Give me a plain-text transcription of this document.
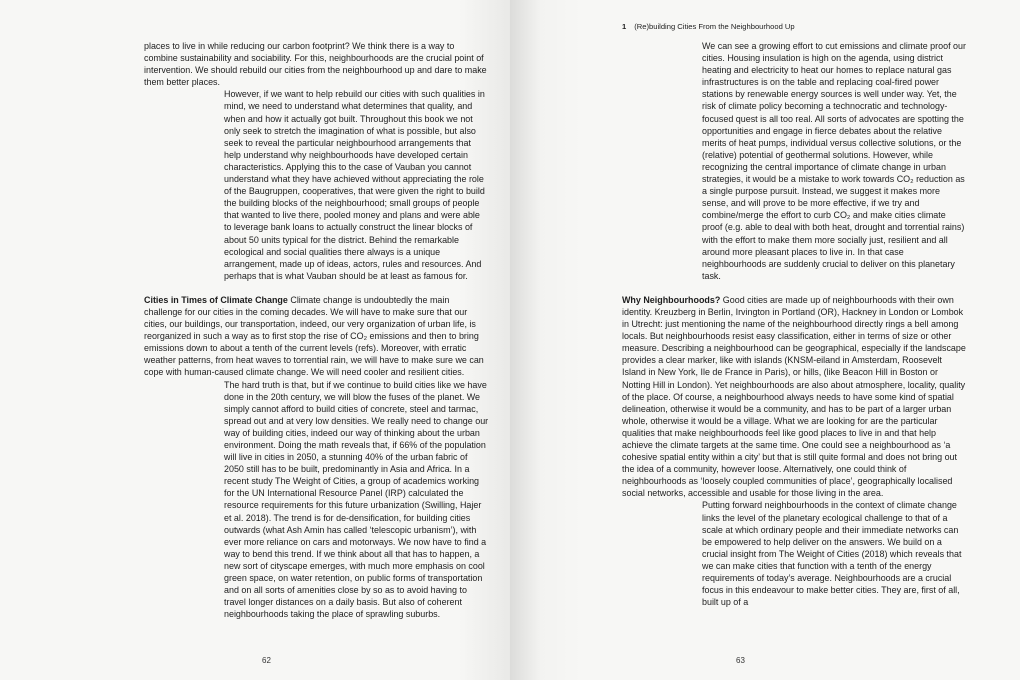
places to live in while reducing our carbon footprint? We think there is a way to combine sustainability and sociability. For this, neighbourhoods are the crucial point of intervention. We should rebuild our cities from the neighbourhood up and dare to make them better places.

However, if we want to help rebuild our cities with such qualities in mind, we need to understand what determines that quality, and when and how it actually got built. Throughout this book we not only seek to stretch the imagination of what is possible, but also seek to reveal the particular neighbourhood arrangements that help understand why neighbourhoods have developed certain characteristics. Applying this to the case of Vauban you cannot understand what they have achieved without appreciating the role of the Baugruppen, cooperatives, that were given the right to build the building blocks of the neighbourhood; small groups of people that wanted to live there, pooled money and plans and were able to leverage bank loans to actually construct the linear blocks of about 50 units typical for the district. Behind the remarkable ecological and social qualities there always is a unique arrangement, made up of ideas, actors, rules and resources. And perhaps that is what Vauban should be at least as famous for.

Cities in Times of Climate Change Climate change is undoubtedly the main challenge for our cities in the coming decades. We will have to make sure that our cities, our buildings, our transportation, indeed, our very organization of urban life, is reorganized in such a way as to first stop the rise of CO₂ emissions and then to bring emissions down to about a tenth of the current levels (refs). Moreover, with erratic weather patterns, from heat waves to torrential rain, we will have to make sure we can cope with human-caused climate change. We will need cooler and resilient cities.

The hard truth is that, but if we continue to build cities like we have done in the 20th century, we will blow the fuses of the planet. We simply cannot afford to build cities of concrete, steel and tarmac, spread out and at very low densities. We really need to change our way of building cities, indeed our way of thinking about the urban environment. Doing the math reveals that, if 66% of the population will live in cities in 2050, a stunning 40% of the urban fabric of 2050 still has to be built, predominantly in Asia and Africa. In a recent study The Weight of Cities, a group of academics working for the UN International Resource Panel (IRP) calculated the resource requirements for this future urbanization (Swilling, Hajer et al. 2018). The trend is for de-densification, for building cities outwards (what Ash Amin has called ‘telescopic urbanism’), with ever more reliance on cars and motorways. We now have to find a way to bend this trend. If we think about all that has to happen, a new sort of cityscape emerges, with much more emphasis on cool green space, on water retention, on public forms of transportation and on all sorts of amenities close by so as to avoid having to travel longer distances on a daily basis. But also of coherent neighbourhoods taking the place of sprawling suburbs.

62
1 (Re)building Cities From the Neighbourhood Up

We can see a growing effort to cut emissions and climate proof our cities. Housing insulation is high on the agenda, using district heating and electricity to heat our homes to replace natural gas infrastructures is on the table and replacing coal-fired power stations by renewable energy sources is well under way. Yet, the risk of climate policy becoming a technocratic and technology-focused quest is all too real. All sorts of advocates are spotting the opportunities and engage in fierce debates about the relative merits of heat pumps, individual versus collective solutions, or the (relative) potential of geothermal solutions. However, while recognizing the central importance of climate change in urban strategies, it would be a mistake to work towards CO₂ reduction as a single purpose pursuit. Instead, we suggest it makes more sense, and will prove to be more effective, if we try and combine/merge the effort to curb CO₂ and make cities climate proof (e.g. able to deal with both heat, drought and torrential rains) with the effort to make them more socially just, resilient and all around more pleasant places to live in. In that case neighbourhoods are suddenly crucial to deliver on this planetary task.

Why Neighbourhoods? Good cities are made up of neighbourhoods with their own identity. Kreuzberg in Berlin, Irvington in Portland (OR), Hackney in London or Lombok in Utrecht: just mentioning the name of the neighbourhood directly rings a bell among locals. But neighbourhoods resist easy classification, either in terms of size or other measure. Describing a neighbourhood can be geographical, especially if the landscape provides a clear marker, like with islands (KNSM-eiland in Amsterdam, Roosevelt Island in New York, Ile de France in Paris), or hills, (like Beacon Hill in Boston or Notting Hill in London). Yet neighbourhoods are also about atmosphere, locality, quality of the place. Of course, a neighbourhood always needs to have some kind of spatial delineation, otherwise it would be a community, and has to be part of a larger urban whole, otherwise it would be a village. What we are looking for are the particular qualities that make neighbourhoods feel like good places to live in and that help achieve the climate targets at the same time. One could see a neighbourhood as ‘a cohesive spatial entity within a city’ but that is still quite formal and does not bring out the idea of a community, however loose. Alternatively, one could think of neighbourhoods as ‘loosely coupled communities of place’, geographically localised social networks, accessible and usable for those living in the area.

Putting forward neighbourhoods in the context of climate change links the level of the planetary ecological challenge to that of a scale at which ordinary people and their immediate networks can be empowered to help deliver on the answers. We build on a crucial insight from The Weight of Cities (2018) which reveals that we can make cities that function with a tenth of the energy requirements of today’s average. Neighbourhoods are a crucial focus in this endeavour to make better cities. They are, first of all, built up of a

63
